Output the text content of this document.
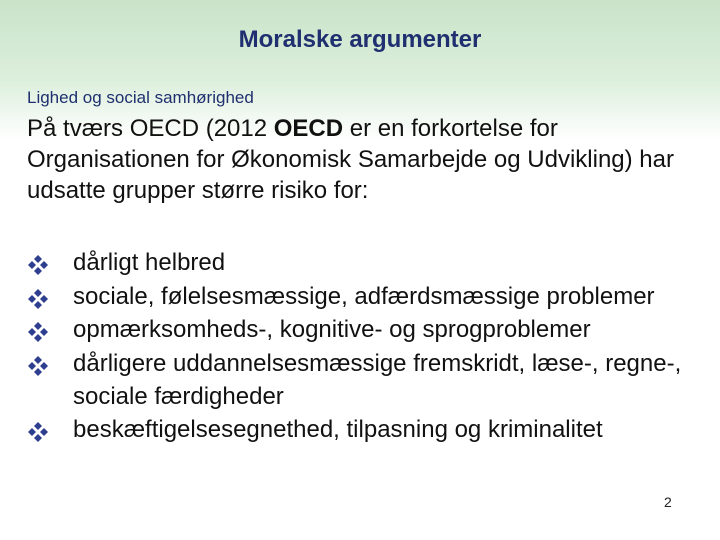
Moralske argumenter
Lighed og social samhørighed
På tværs OECD (2012 OECD er en forkortelse for Organisationen for Økonomisk Samarbejde og Udvikling) har udsatte grupper større risiko for:
dårligt helbred
sociale, følelsesmæssige, adfærdsmæssige problemer
opmærksomheds-, kognitive- og sprogproblemer
dårligere uddannelsesmæssige fremskridt, læse-, regne-, sociale færdigheder
beskæftigelsesegnethed, tilpasning og kriminalitet
2
